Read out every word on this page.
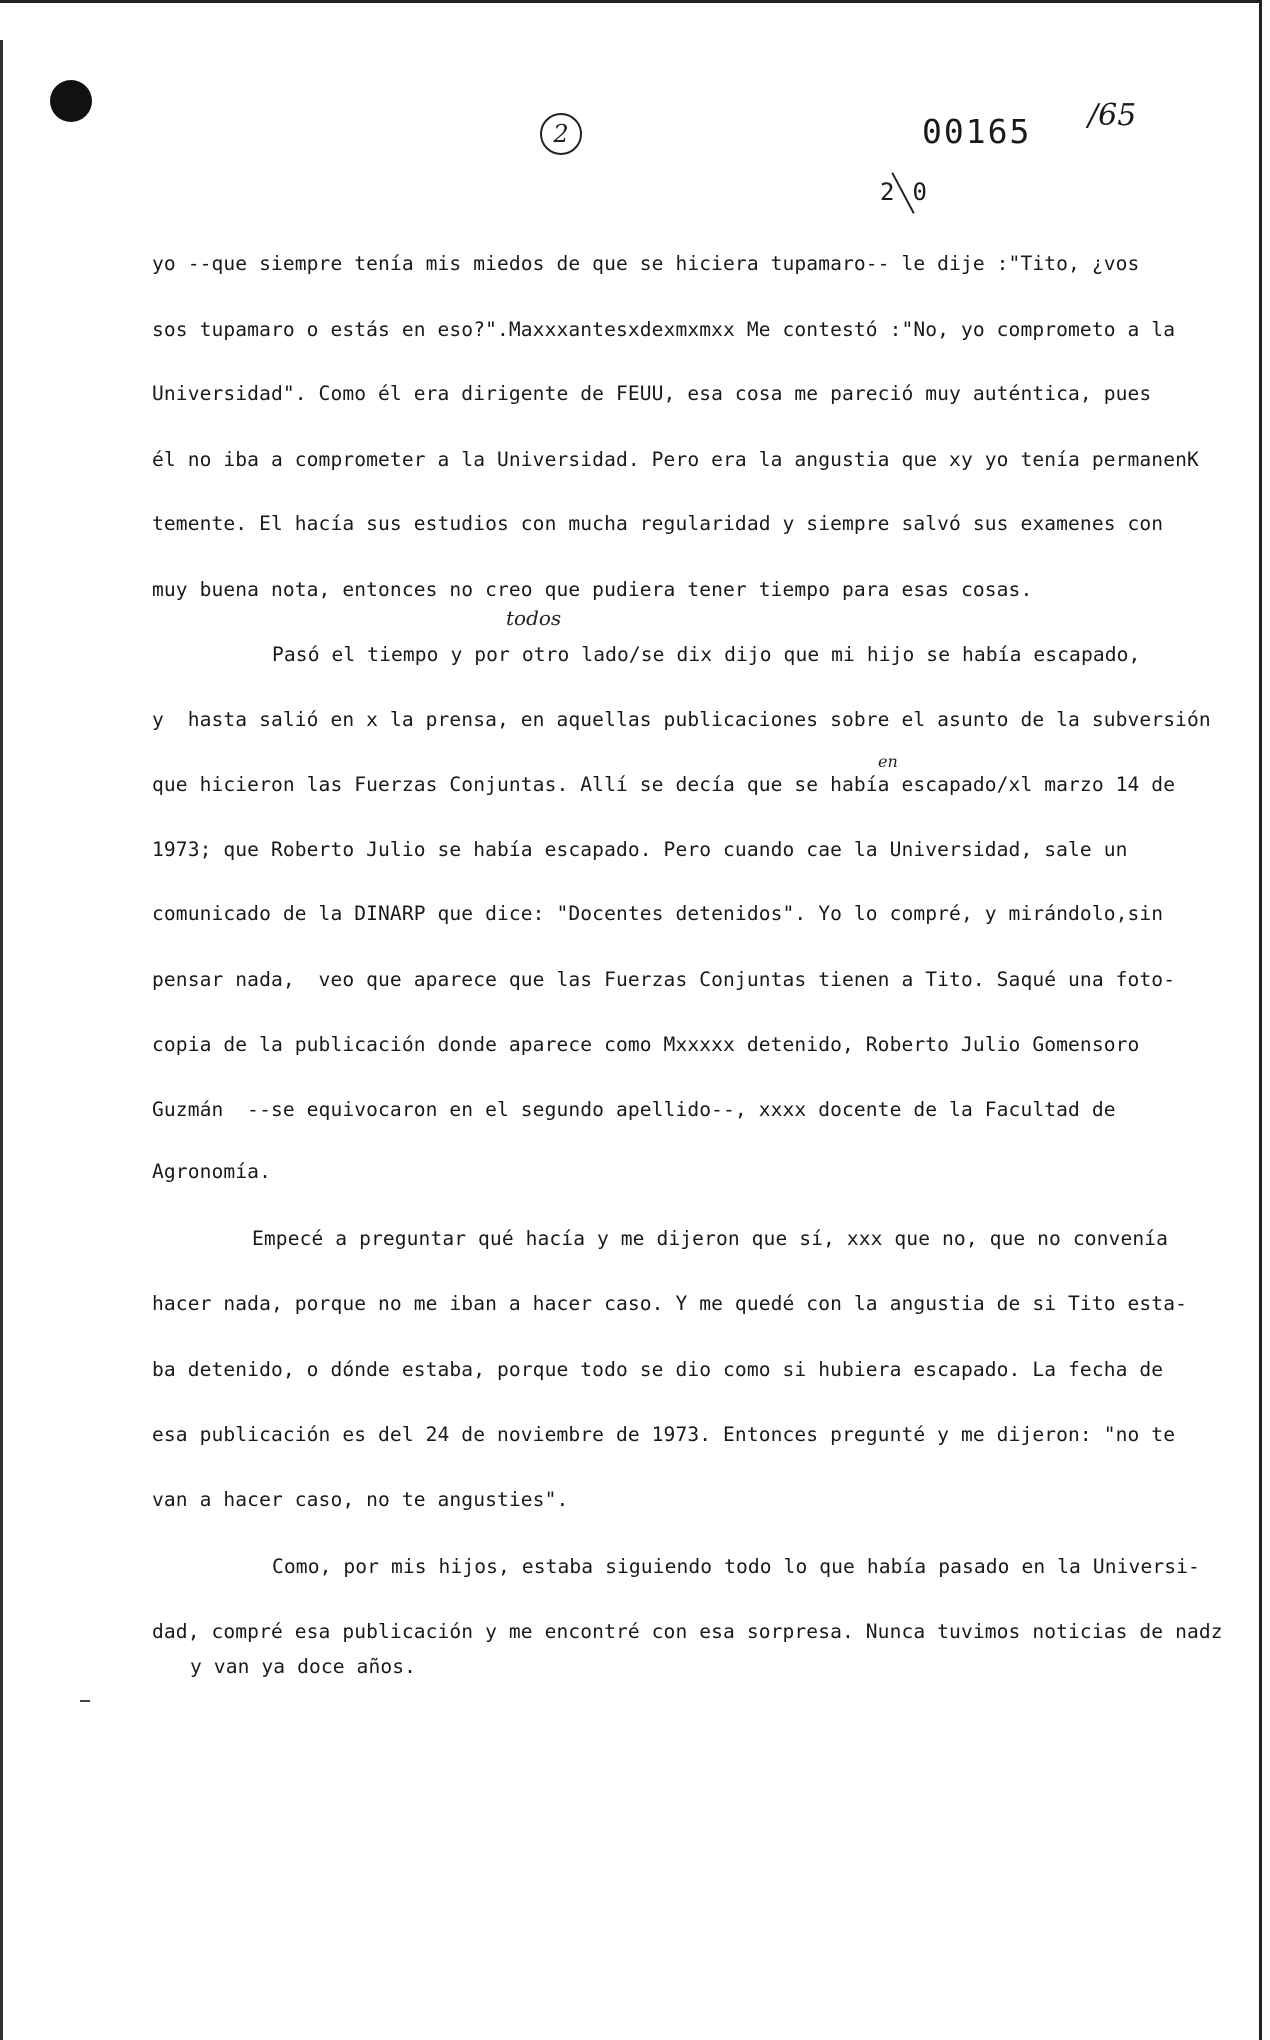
2	00165 /65
2 0
todos
en
yo --que siempre tenía mis miedos de que se hiciera tupamaro-- le dije :"Tito, ¿vos
sos tupamaro o estás en eso?".Maxxxantesxdexmxmxx Me contestó :"No, yo comprometo a la
Universidad". Como él era dirigente de FEUU, esa cosa me pareció muy auténtica, pues
él no iba a comprometer a la Universidad. Pero era la angustia que xy yo tenía permanenK
temente. El hacía sus estudios con mucha regularidad y siempre salvó sus examenes con
muy buena nota, entonces no creo que pudiera tener tiempo para esas cosas.
Pasó el tiempo y por otro lado/se dix dijo que mi hijo se había escapado,
y  hasta salió en x la prensa, en aquellas publicaciones sobre el asunto de la subversión
que hicieron las Fuerzas Conjuntas. Allí se decía que se había escapado/xl marzo 14 de
1973; que Roberto Julio se había escapado. Pero cuando cae la Universidad, sale un
comunicado de la DINARP que dice: "Docentes detenidos". Yo lo compré, y mirándolo,sin
pensar nada,  veo que aparece que las Fuerzas Conjuntas tienen a Tito. Saqué una foto-
copia de la publicación donde aparece como Mxxxxx detenido, Roberto Julio Gomensoro
Guzmán  --se equivocaron en el segundo apellido--, xxxx docente de la Facultad de
Agronomía.
Empecé a preguntar qué hacía y me dijeron que sí, xxx que no, que no convenía
hacer nada, porque no me iban a hacer caso. Y me quedé con la angustia de si Tito esta-
ba detenido, o dónde estaba, porque todo se dio como si hubiera escapado. La fecha de
esa publicación es del 24 de noviembre de 1973. Entonces pregunté y me dijeron: "no te
van a hacer caso, no te angusties".
Como, por mis hijos, estaba siguiendo todo lo que había pasado en la Universi-
dad, compré esa publicación y me encontré con esa sorpresa. Nunca tuvimos noticias de nadz
y van ya doce años.
